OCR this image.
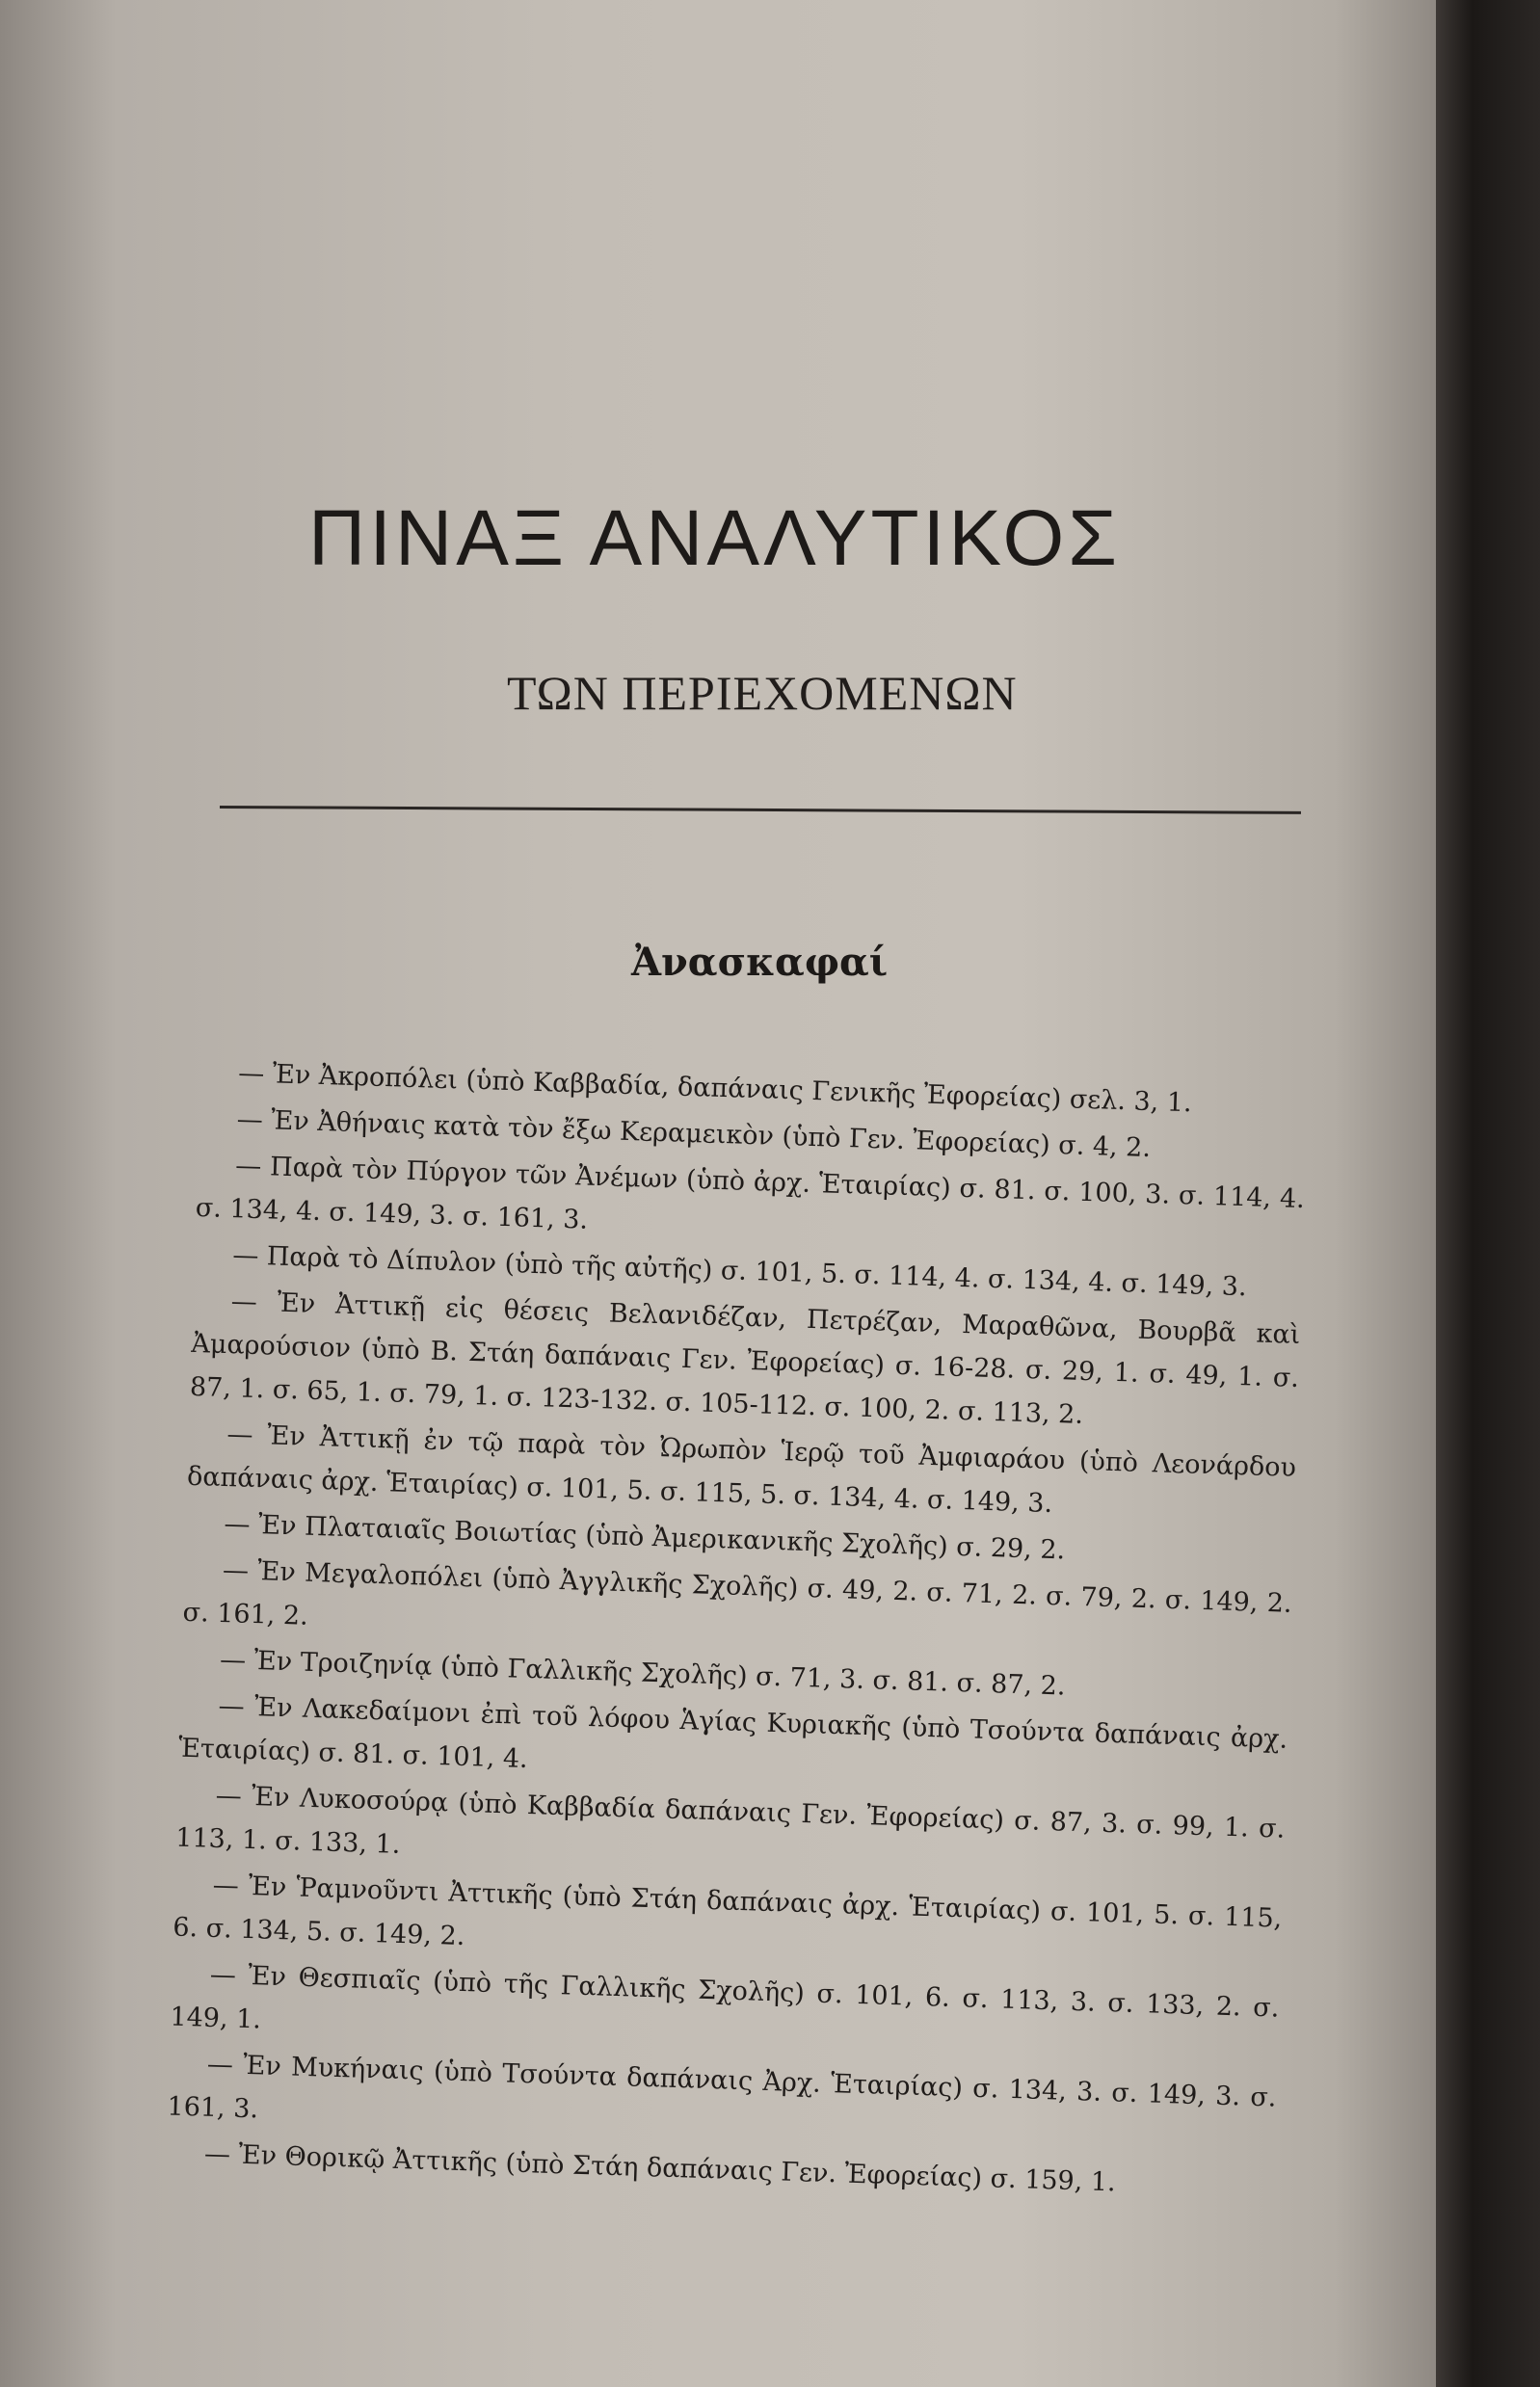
ΠΙΝΑΞ ΑΝΑΛΥΤΙΚΟΣ
ΤΩΝ ΠΕΡΙΕΧΟΜΕΝΩΝ
Ἀνασκαφαί

— Ἐν Ἀκροπόλει (ὑπὸ Καββαδία, δαπάναις Γενικῆς Ἐφορείας) σελ. 3, 1.

— Ἐν Ἀθήναις κατὰ τὸν ἔξω Κεραμεικὸν (ὑπὸ Γεν. Ἐφορείας) σ. 4, 2.

— Παρὰ τὸν Πύργον τῶν Ἀνέμων (ὑπὸ ἀρχ. Ἑταιρίας) σ. 81. σ. 100, 3. σ. 114, 4. σ. 134, 4. σ. 149, 3. σ. 161, 3.

— Παρὰ τὸ Δίπυλον (ὑπὸ τῆς αὐτῆς) σ. 101, 5. σ. 114, 4. σ. 134, 4. σ. 149, 3.

— Ἐν Ἀττικῇ εἰς θέσεις Βελανιδέζαν, Πετρέζαν, Μαραθῶνα, Βουρβᾶ καὶ Ἀμαρούσιον (ὑπὸ Β. Στάη δαπάναις Γεν. Ἐφορείας) σ. 16-28. σ. 29, 1. σ. 49, 1. σ. 87, 1. σ. 65, 1. σ. 79, 1. σ. 123-132. σ. 105-112. σ. 100, 2. σ. 113, 2.

— Ἐν Ἀττικῇ ἐν τῷ παρὰ τὸν Ὠρωπὸν Ἱερῷ τοῦ Ἀμφιαράου (ὑπὸ Λεονάρδου δαπάναις ἀρχ. Ἑταιρίας) σ. 101, 5. σ. 115, 5. σ. 134, 4. σ. 149, 3.

— Ἐν Πλαταιαῖς Βοιωτίας (ὑπὸ Ἀμερικανικῆς Σχολῆς) σ. 29, 2.

— Ἐν Μεγαλοπόλει (ὑπὸ Ἀγγλικῆς Σχολῆς) σ. 49, 2. σ. 71, 2. σ. 79, 2. σ. 149, 2. σ. 161, 2.

— Ἐν Τροιζηνίᾳ (ὑπὸ Γαλλικῆς Σχολῆς) σ. 71, 3. σ. 81. σ. 87, 2.

— Ἐν Λακεδαίμονι ἐπὶ τοῦ λόφου Ἁγίας Κυριακῆς (ὑπὸ Τσούντα δαπάναις ἀρχ. Ἑταιρίας) σ. 81. σ. 101, 4.

— Ἐν Λυκοσούρᾳ (ὑπὸ Καββαδία δαπάναις Γεν. Ἐφορείας) σ. 87, 3. σ. 99, 1. σ. 113, 1. σ. 133, 1.

— Ἐν Ῥαμνοῦντι Ἀττικῆς (ὑπὸ Στάη δαπάναις ἀρχ. Ἑταιρίας) σ. 101, 5. σ. 115, 6. σ. 134, 5. σ. 149, 2.

— Ἐν Θεσπιαῖς (ὑπὸ τῆς Γαλλικῆς Σχολῆς) σ. 101, 6. σ. 113, 3. σ. 133, 2. σ. 149, 1.

— Ἐν Μυκήναις (ὑπὸ Τσούντα δαπάναις Ἀρχ. Ἑταιρίας) σ. 134, 3. σ. 149, 3. σ. 161, 3.

— Ἐν Θορικῷ Ἀττικῆς (ὑπὸ Στάη δαπάναις Γεν. Ἐφορείας) σ. 159, 1.
